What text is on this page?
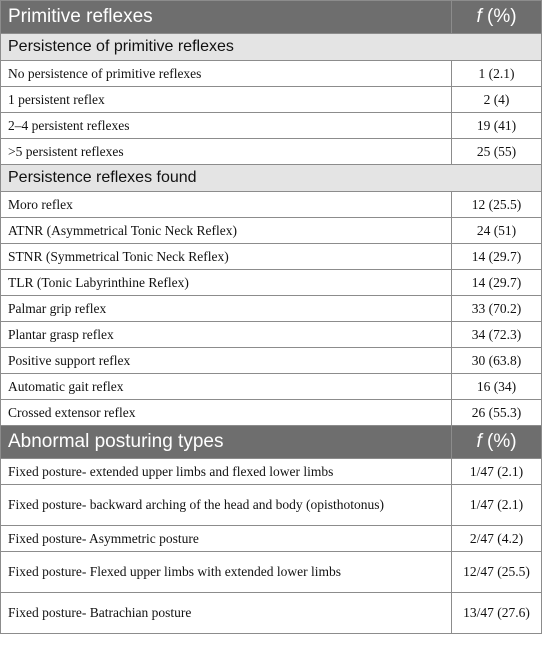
Primitive reflexes	f (%)
Persistence of primitive reflexes	
No persistence of primitive reflexes	1 (2.1)
1 persistent reflex	2 (4)
2–4 persistent reflexes	19 (41)
>5 persistent reflexes	25 (55)
Persistence reflexes found	
Moro reflex	12 (25.5)
ATNR (Asymmetrical Tonic Neck Reflex)	24 (51)
STNR (Symmetrical Tonic Neck Reflex)	14 (29.7)
TLR (Tonic Labyrinthine Reflex)	14 (29.7)
Palmar grip reflex	33 (70.2)
Plantar grasp reflex	34 (72.3)
Positive support reflex	30 (63.8)
Automatic gait reflex	16 (34)
Crossed extensor reflex	26 (55.3)
Abnormal posturing types	f (%)
Fixed posture- extended upper limbs and flexed lower limbs	1/47 (2.1)
Fixed posture- backward arching of the head and body (opisthotonus)	1/47 (2.1)
Fixed posture- Asymmetric posture	2/47 (4.2)
Fixed posture- Flexed upper limbs with extended lower limbs	12/47 (25.5)
Fixed posture- Batrachian posture	13/47 (27.6)
